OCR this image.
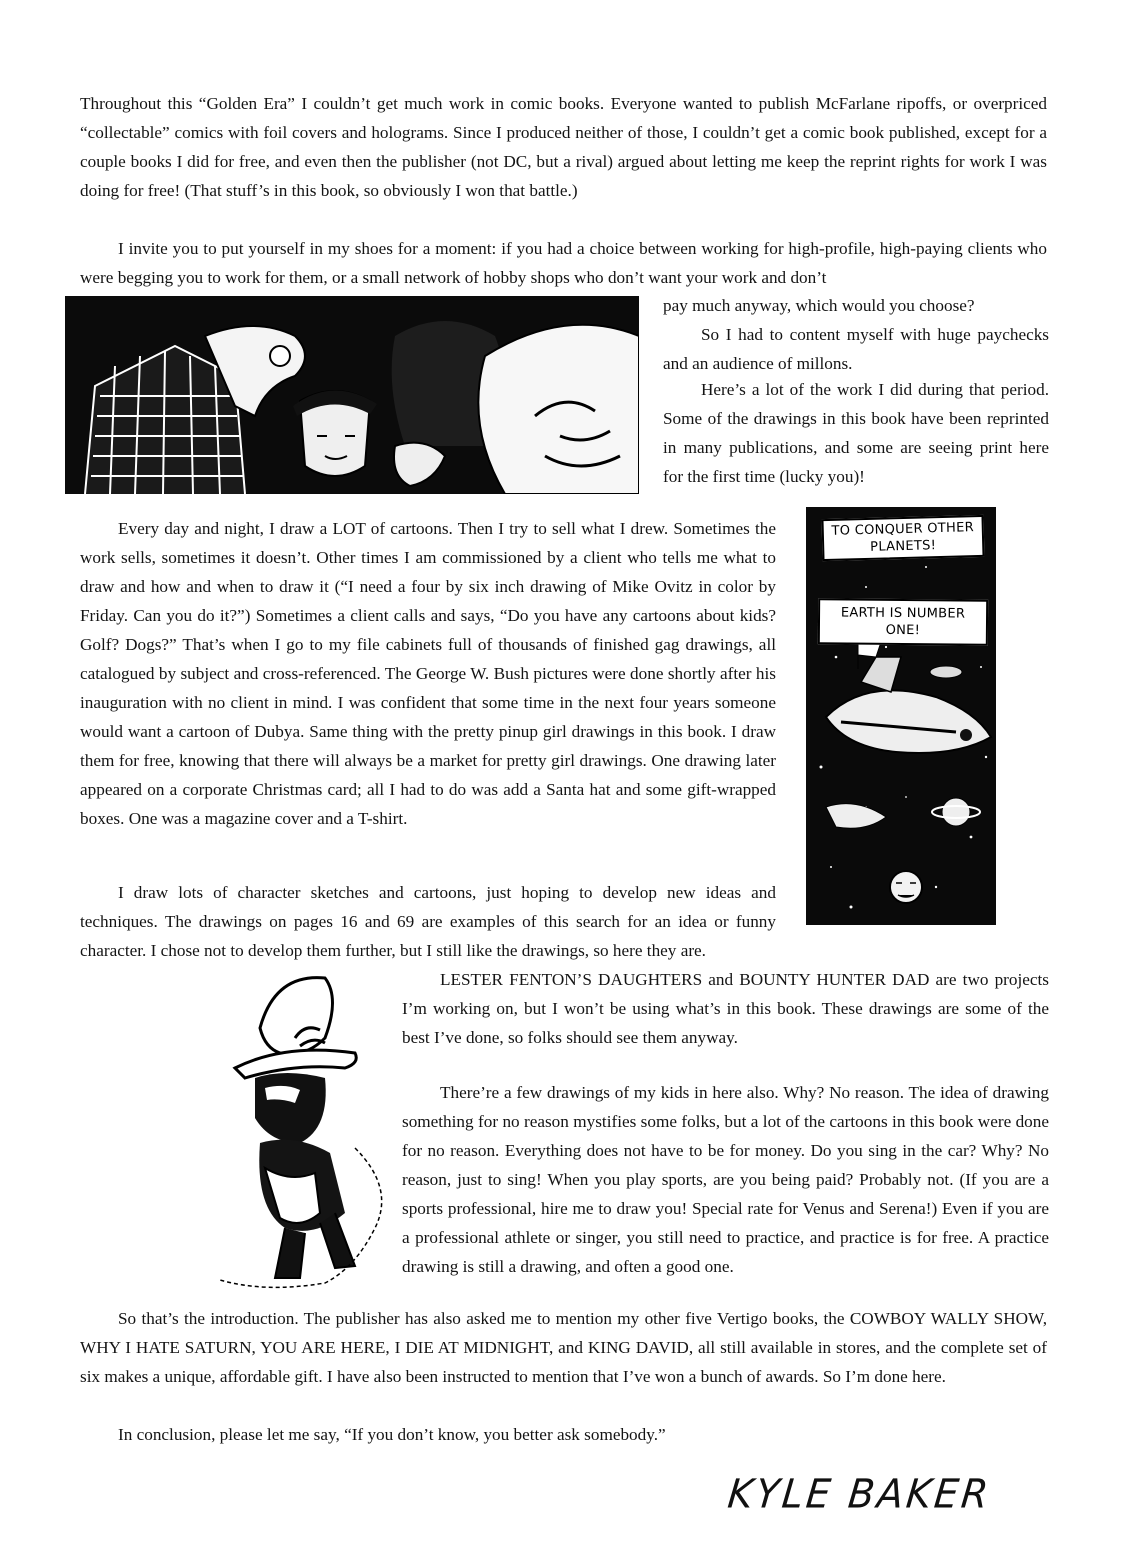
Throughout this “Golden Era” I couldn’t get much work in comic books. Everyone wanted to publish McFarlane ripoffs, or overpriced “collectable” comics with foil covers and holograms. Since I produced neither of those, I couldn’t get a comic book published, except for a couple books I did for free, and even then the publisher (not DC, but a rival) argued about letting me keep the reprint rights for work I was doing for free! (That stuff’s in this book, so obviously I won that battle.)

I invite you to put yourself in my shoes for a moment: if you had a choice between working for high-profile, high-paying clients who were begging you to work for them, or a small network of hobby shops who don’t want your work and don’t

pay much anyway, which would you choose?

So I had to content myself with huge paychecks and an audience of millons.

Here’s a lot of the work I did during that period. Some of the drawings in this book have been reprinted in many publications, and some are seeing print here for the first time (lucky you)!

Every day and night, I draw a LOT of cartoons. Then I try to sell what I drew. Sometimes the work sells, sometimes it doesn’t. Other times I am commissioned by a client who tells me what to draw and how and when to draw it (“I need a four by six inch drawing of Mike Ovitz in color by Friday. Can you do it?”) Sometimes a client calls and says, “Do you have any cartoons about kids? Golf? Dogs?” That’s when I go to my file cabinets full of thousands of finished gag drawings, all catalogued by subject and cross-referenced. The George W. Bush pictures were done shortly after his inauguration with no client in mind. I was confident that some time in the next four years someone would want a cartoon of Dubya. Same thing with the pretty pinup girl drawings in this book. I draw them for free, knowing that there will always be a market for pretty girl drawings. One drawing later appeared on a corporate Christmas card; all I had to do was add a Santa hat and some gift-wrapped boxes. One was a magazine cover and a T-shirt.

TO CONQUER OTHER PLANETS!
EARTH IS NUMBER ONE!

I draw lots of character sketches and cartoons, just hoping to develop new ideas and techniques. The drawings on pages 16 and 69 are examples of this search for an idea or funny character. I chose not to develop them further, but I still like the drawings, so here they are.

LESTER FENTON’S DAUGHTERS and BOUNTY HUNTER DAD are two projects I’m working on, but I won’t be using what’s in this book. These drawings are some of the best I’ve done, so folks should see them anyway.

There’re a few drawings of my kids in here also. Why? No reason. The idea of drawing something for no reason mystifies some folks, but a lot of the cartoons in this book were done for no reason. Everything does not have to be for money. Do you sing in the car? Why? No reason, just to sing! When you play sports, are you being paid? Probably not. (If you are a sports professional, hire me to draw you! Special rate for Venus and Serena!) Even if you are a professional athlete or singer, you still need to practice, and practice is for free. A practice drawing is still a drawing, and often a good one.

So that’s the introduction. The publisher has also asked me to mention my other five Vertigo books, the COWBOY WALLY SHOW, WHY I HATE SATURN, YOU ARE HERE, I DIE AT MIDNIGHT, and KING DAVID, all still available in stores, and the complete set of six makes a unique, affordable gift. I have also been instructed to mention that I’ve won a bunch of awards. So I’m done here.

In conclusion, please let me say, “If you don’t know, you better ask somebody.”

KYLE BAKER
